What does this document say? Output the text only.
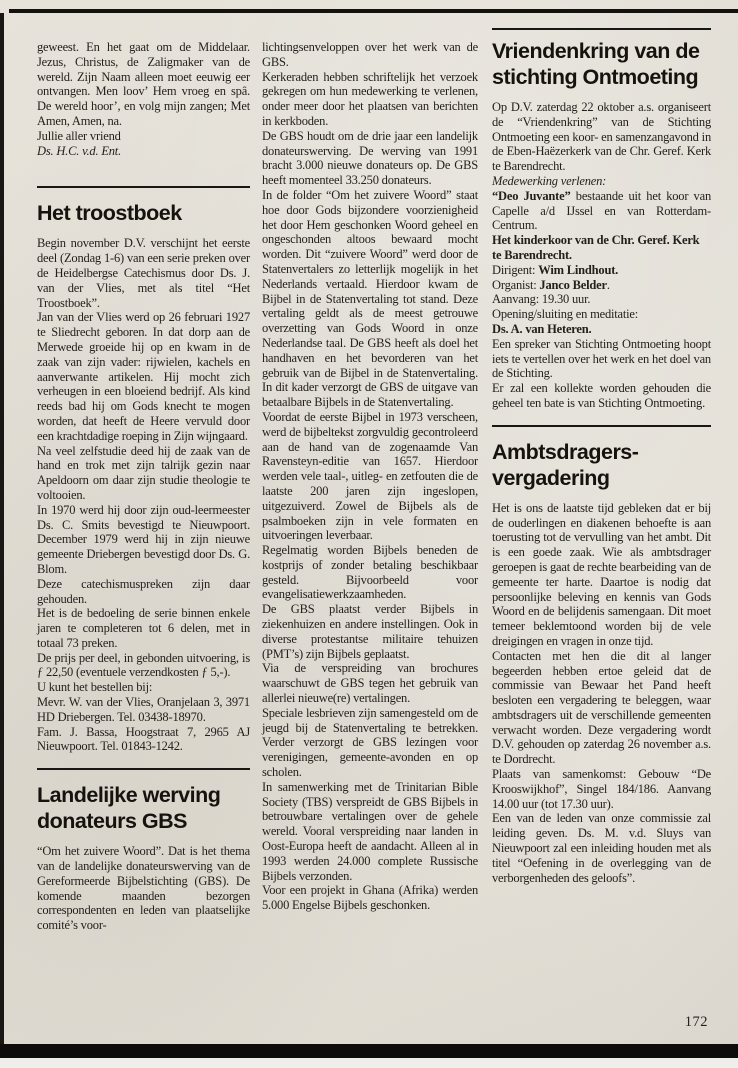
geweest. En het gaat om de Middelaar. Jezus, Christus, de Zaligmaker van de wereld. Zijn Naam alleen moet eeuwig eer ontvangen. Men loov’ Hem vroeg en spâ. De wereld hoor’, en volg mijn zangen; Met Amen, Amen, na.

Jullie aller vriend

Ds. H.C. v.d. Ent.

Het troostboek

Begin november D.V. verschijnt het eerste deel (Zondag 1-6) van een serie preken over de Heidelbergse Catechismus door Ds. J. van der Vlies, met als titel “Het Troostboek”.

Jan van der Vlies werd op 26 februari 1927 te Sliedrecht geboren. In dat dorp aan de Merwede groeide hij op en kwam in de zaak van zijn vader: rijwielen, kachels en aanverwante artikelen. Hij mocht zich verheugen in een bloeiend bedrijf. Als kind reeds bad hij om Gods knecht te mogen worden, dat heeft de Heere vervuld door een krachtdadige roeping in Zijn wijngaard.

Na veel zelfstudie deed hij de zaak van de hand en trok met zijn talrijk gezin naar Apeldoorn om daar zijn studie theologie te voltooien.

In 1970 werd hij door zijn oud-leermeester Ds. C. Smits bevestigd te Nieuwpoort. December 1979 werd hij in zijn nieuwe gemeente Driebergen bevestigd door Ds. G. Blom.

Deze catechismuspreken zijn daar gehouden.

Het is de bedoeling de serie binnen enkele jaren te completeren tot 6 delen, met in totaal 73 preken.

De prijs per deel, in gebonden uitvoering, is ƒ 22,50 (eventuele verzendkosten ƒ 5,-).

U kunt het bestellen bij:

Mevr. W. van der Vlies, Oranjelaan 3, 3971 HD Driebergen. Tel. 03438-18970.

Fam. J. Bassa, Hoogstraat 7, 2965 AJ Nieuwpoort. Tel. 01843-1242.

Landelijke werving
donateurs GBS

“Om het zuivere Woord”. Dat is het thema van de landelijke donateurswerving van de Gereformeerde Bijbelstichting (GBS). De komende maanden bezorgen correspondenten en leden van plaatselijke comité’s voor-

lichtingsenveloppen over het werk van de GBS.

Kerkeraden hebben schriftelijk het verzoek gekregen om hun medewerking te verlenen, onder meer door het plaatsen van berichten in kerkboden.

De GBS houdt om de drie jaar een landelijk donateurswerving. De werving van 1991 bracht 3.000 nieuwe donateurs op. De GBS heeft momenteel 33.250 donateurs.

In de folder “Om het zuivere Woord” staat hoe door Gods bijzondere voorzienigheid het door Hem geschonken Woord geheel en ongeschonden altoos bewaard mocht worden. Dit “zuivere Woord” werd door de Statenvertalers zo letterlijk mogelijk in het Nederlands vertaald. Hierdoor kwam de Bijbel in de Statenvertaling tot stand. Deze vertaling geldt als de meest getrouwe overzetting van Gods Woord in onze Nederlandse taal. De GBS heeft als doel het handhaven en het bevorderen van het gebruik van de Bijbel in de Statenvertaling. In dit kader verzorgt de GBS de uitgave van betaalbare Bijbels in de Statenvertaling.

Voordat de eerste Bijbel in 1973 verscheen, werd de bijbeltekst zorgvuldig gecontroleerd aan de hand van de zogenaamde Van Ravensteyn-editie van 1657. Hierdoor werden vele taal-, uitleg- en zetfouten die de laatste 200 jaren zijn ingeslopen, uitgezuiverd. Zowel de Bijbels als de psalmboeken zijn in vele formaten en uitvoeringen leverbaar.

Regelmatig worden Bijbels beneden de kostprijs of zonder betaling beschikbaar gesteld. Bijvoorbeeld voor evangelisatiewerkzaamheden.

De GBS plaatst verder Bijbels in ziekenhuizen en andere instellingen. Ook in diverse protestantse militaire tehuizen (PMT’s) zijn Bijbels geplaatst.

Via de verspreiding van brochures waarschuwt de GBS tegen het gebruik van allerlei nieuwe(re) vertalingen.

Speciale lesbrieven zijn samengesteld om de jeugd bij de Statenvertaling te betrekken. Verder verzorgt de GBS lezingen voor verenigingen, gemeente-avonden en op scholen.

In samenwerking met de Trinitarian Bible Society (TBS) verspreidt de GBS Bijbels in betrouwbare vertalingen over de gehele wereld. Vooral verspreiding naar landen in Oost-Europa heeft de aandacht. Alleen al in 1993 werden 24.000 complete Russische Bijbels verzonden.

Voor een projekt in Ghana (Afrika) werden 5.000 Engelse Bijbels geschonken.

Vriendenkring van de
stichting Ontmoeting

Op D.V. zaterdag 22 oktober a.s. organiseert de “Vriendenkring” van de Stichting Ontmoeting een koor- en samenzangavond in de Eben-Haëzerkerk van de Chr. Geref. Kerk te Barendrecht.

Medewerking verlenen:

“Deo Juvante” bestaande uit het koor van Capelle a/d IJssel en van Rotterdam-Centrum.

Het kinderkoor van de Chr. Geref. Kerk te Barendrecht.

Dirigent: Wim Lindhout.

Organist: Janco Belder.

Aanvang: 19.30 uur.

Opening/sluiting en meditatie:

Ds. A. van Heteren.

Een spreker van Stichting Ontmoeting hoopt iets te vertellen over het werk en het doel van de Stichting.

Er zal een kollekte worden gehouden die geheel ten bate is van Stichting Ontmoeting.

Ambtsdragers-
vergadering

Het is ons de laatste tijd gebleken dat er bij de ouderlingen en diakenen behoefte is aan toerusting tot de vervulling van het ambt. Dit is een goede zaak. Wie als ambtsdrager geroepen is gaat de rechte bearbeiding van de gemeente ter harte. Daartoe is nodig dat persoonlijke beleving en kennis van Gods Woord en de belijdenis samengaan. Dit moet temeer beklemtoond worden bij de vele dreigingen en vragen in onze tijd.

Contacten met hen die dit al langer begeerden hebben ertoe geleid dat de commissie van Bewaar het Pand heeft besloten een vergadering te beleggen, waar ambtsdragers uit de verschillende gemeenten verwacht worden. Deze vergadering wordt D.V. gehouden op zaterdag 26 november a.s. te Dordrecht.

Plaats van samenkomst: Gebouw “De Krooswijkhof”, Singel 184/186. Aanvang 14.00 uur (tot 17.30 uur).

Een van de leden van onze commissie zal leiding geven. Ds. M. v.d. Sluys van Nieuwpoort zal een inleiding houden met als titel “Oefening in de overlegging van de verborgenheden des geloofs”.

172
